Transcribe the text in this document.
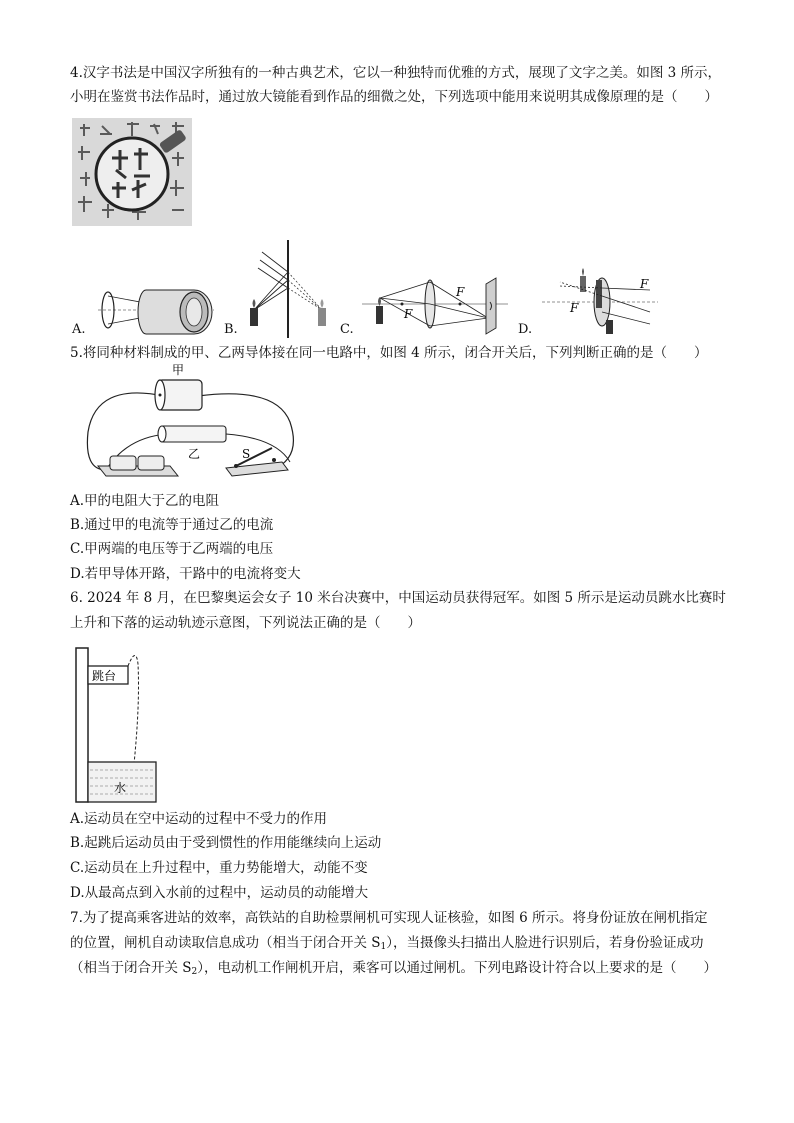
4.汉字书法是中国汉字所独有的一种古典艺术，它以一种独特而优雅的方式，展现了文字之美。如图 3 所示，
小明在鉴赏书法作品时，通过放大镜能看到作品的细微之处，下列选项中能用来说明其成像原理的是（　　）
A.	B.	C.
F
F
D.
F
F
5.将同种材料制成的甲、乙两导体接在同一电路中，如图 4 所示，闭合开关后，下列判断正确的是（　　）
甲
乙	S
A.甲的电阻大于乙的电阻
B.通过甲的电流等于通过乙的电流
C.甲两端的电压等于乙两端的电压
D.若甲导体开路，干路中的电流将变大
6. 2024 年 8 月，在巴黎奥运会女子 10 米台决赛中，中国运动员获得冠军。如图 5 所示是运动员跳水比赛时
上升和下落的运动轨迹示意图，下列说法正确的是（　　）
跳台
水
A.运动员在空中运动的过程中不受力的作用
B.起跳后运动员由于受到惯性的作用能继续向上运动
C.运动员在上升过程中，重力势能增大，动能不变
D.从最高点到入水前的过程中，运动员的动能增大
7.为了提高乘客进站的效率，高铁站的自助检票闸机可实现人证核验，如图 6 所示。将身份证放在闸机指定
的位置，闸机自动读取信息成功（相当于闭合开关 $S_1$），当摄像头扫描出人脸进行识别后，若身份验证成功
（相当于闭合开关 $S_2$），电动机工作闸机开启，乘客可以通过闸机。下列电路设计符合以上要求的是（　　）
